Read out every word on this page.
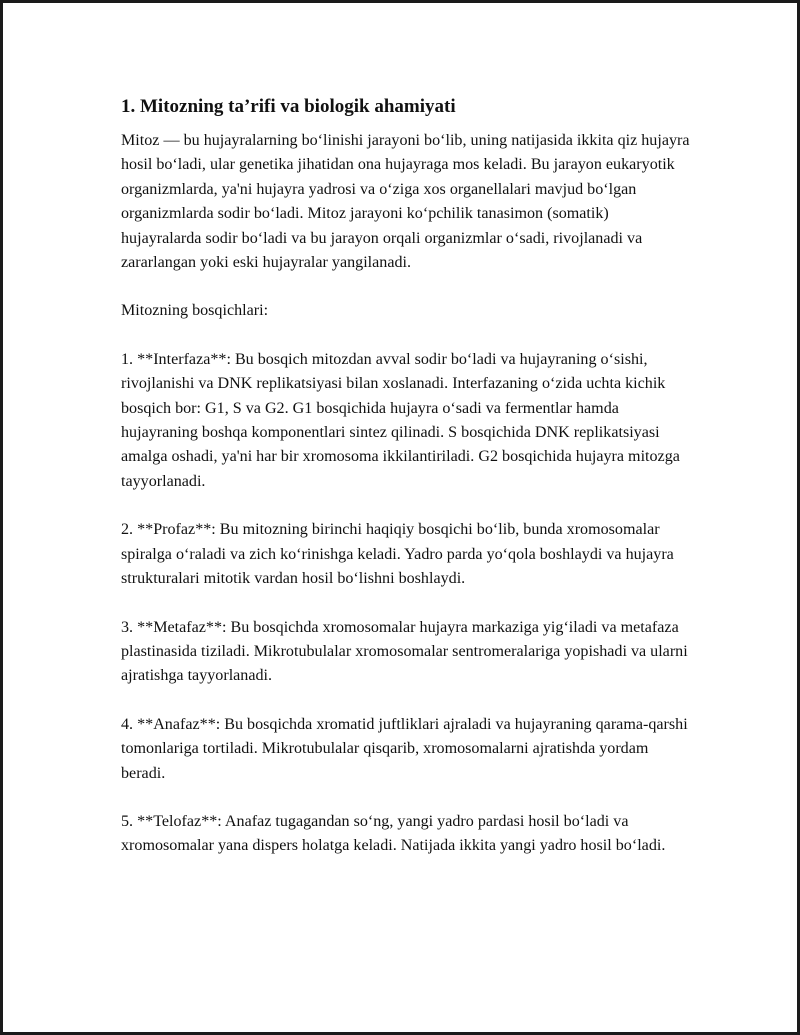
1. Mitozning ta’rifi va biologik ahamiyati

Mitoz — bu hujayralarning boʻlinishi jarayoni boʻlib, uning natijasida ikkita qiz hujayra hosil boʻladi, ular genetika jihatidan ona hujayraga mos keladi. Bu jarayon eukaryotik organizmlarda, ya'ni hujayra yadrosi va oʻziga xos organellalari mavjud boʻlgan organizmlarda sodir boʻladi. Mitoz jarayoni koʻpchilik tanasimon (somatik) hujayralarda sodir boʻladi va bu jarayon orqali organizmlar oʻsadi, rivojlanadi va zararlangan yoki eski hujayralar yangilanadi.

Mitozning bosqichlari:

1. **Interfaza**: Bu bosqich mitozdan avval sodir boʻladi va hujayraning oʻsishi, rivojlanishi va DNK replikatsiyasi bilan xoslanadi. Interfazaning oʻzida uchta kichik bosqich bor: G1, S va G2. G1 bosqichida hujayra oʻsadi va fermentlar hamda hujayraning boshqa komponentlari sintez qilinadi. S bosqichida DNK replikatsiyasi amalga oshadi, ya'ni har bir xromosoma ikkilantiriladi. G2 bosqichida hujayra mitozga tayyorlanadi.

2. **Profaz**: Bu mitozning birinchi haqiqiy bosqichi boʻlib, bunda xromosomalar spiralga oʻraladi va zich koʻrinishga keladi. Yadro parda yoʻqola boshlaydi va hujayra strukturalari mitotik vardan hosil boʻlishni boshlaydi.

3. **Metafaz**: Bu bosqichda xromosomalar hujayra markaziga yigʻiladi va metafaza plastinasida tiziladi. Mikrotubulalar xromosomalar sentromeralariga yopishadi va ularni ajratishga tayyorlanadi.

4. **Anafaz**: Bu bosqichda xromatid juftliklari ajraladi va hujayraning qarama-qarshi tomonlariga tortiladi. Mikrotubulalar qisqarib, xromosomalarni ajratishda yordam beradi.

5. **Telofaz**: Anafaz tugagandan soʻng, yangi yadro pardasi hosil boʻladi va xromosomalar yana dispers holatga keladi. Natijada ikkita yangi yadro hosil boʻladi.
